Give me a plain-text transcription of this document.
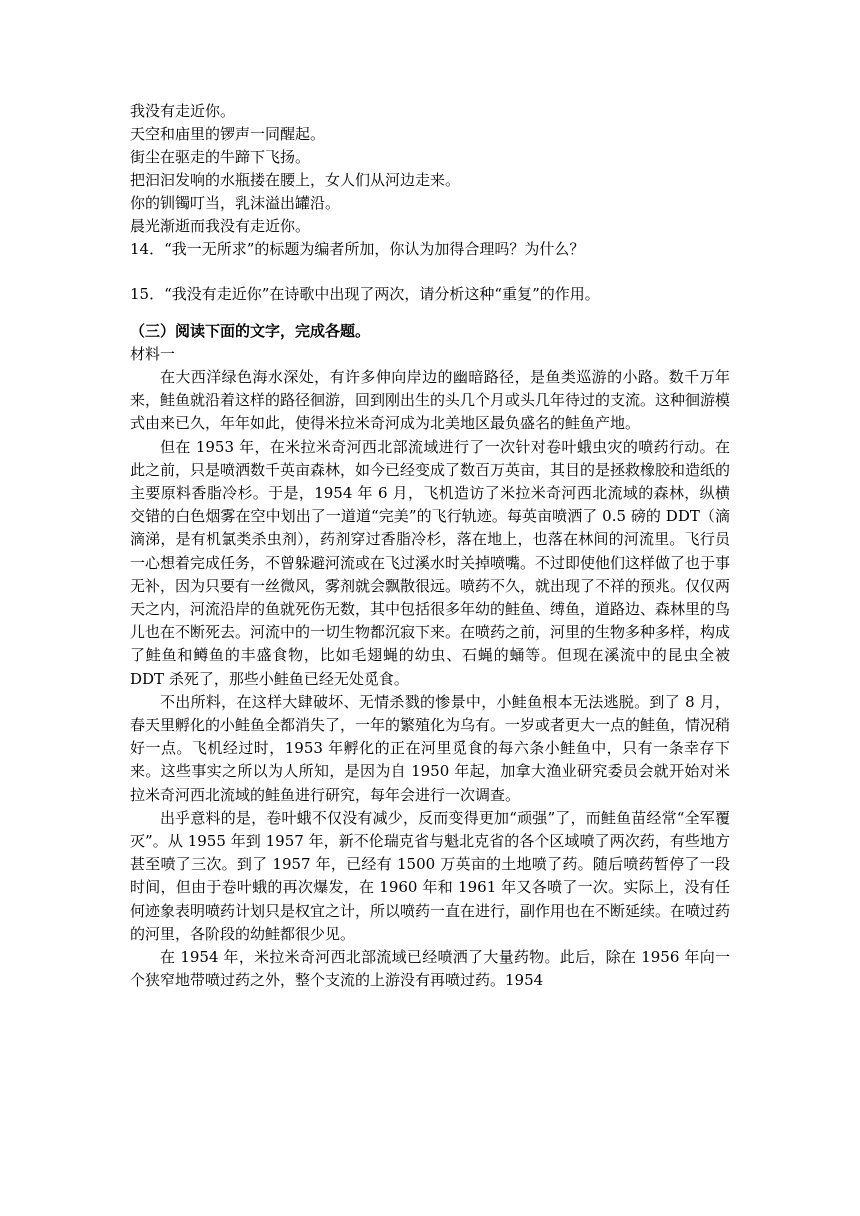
我没有走近你。
天空和庙里的锣声一同醒起。
街尘在驱走的牛蹄下飞扬。
把汩汩发响的水瓶搂在腰上，女人们从河边走来。
你的钏镯叮当，乳沫溢出罐沿。
晨光渐逝而我没有走近你。
14．“我一无所求”的标题为编者所加，你认为加得合理吗？为什么？
15．“我没有走近你”在诗歌中出现了两次，请分析这种“重复”的作用。
（三）阅读下面的文字，完成各题。
材料一
在大西洋绿色海水深处，有许多伸向岸边的幽暗路径，是鱼类巡游的小路。数千万年来，鲑鱼就沿着这样的路径徊游，回到刚出生的头几个月或头几年待过的支流。这种徊游模式由来已久，年年如此，使得米拉米奇河成为北美地区最负盛名的鲑鱼产地。
但在 1953 年，在米拉米奇河西北部流域进行了一次针对卷叶蛾虫灾的喷药行动。在此之前，只是喷洒数千英亩森林，如今已经变成了数百万英亩，其目的是拯救橡胶和造纸的主要原料香脂冷杉。于是，1954 年 6 月，飞机造访了米拉米奇河西北流域的森林，纵横交错的白色烟雾在空中划出了一道道“完美”的飞行轨迹。每英亩喷洒了 0.5 磅的 DDT（滴滴涕，是有机氯类杀虫剂），药剂穿过香脂冷杉，落在地上，也落在林间的河流里。飞行员一心想着完成任务，不曾躲避河流或在飞过溪水时关掉喷嘴。不过即使他们这样做了也于事无补，因为只要有一丝微风，雾剂就会飘散很远。喷药不久，就出现了不祥的预兆。仅仅两天之内，河流沿岸的鱼就死伤无数，其中包括很多年幼的鲑鱼、缚鱼，道路边、森林里的鸟儿也在不断死去。河流中的一切生物都沉寂下来。在喷药之前，河里的生物多种多样，构成了鲑鱼和鳟鱼的丰盛食物，比如毛翅蝇的幼虫、石蝇的蛹等。但现在溪流中的昆虫全被 DDT 杀死了，那些小鲑鱼已经无处觅食。
不出所料，在这样大肆破坏、无情杀戮的惨景中，小鲑鱼根本无法逃脱。到了 8 月，春天里孵化的小鲑鱼全都消失了，一年的繁殖化为乌有。一岁或者更大一点的鲑鱼，情况稍好一点。飞机经过时，1953 年孵化的正在河里觅食的每六条小鲑鱼中，只有一条幸存下来。这些事实之所以为人所知，是因为自 1950 年起，加拿大渔业研究委员会就开始对米拉米奇河西北流域的鲑鱼进行研究，每年会进行一次调查。
出乎意料的是，卷叶蛾不仅没有减少，反而变得更加“顽强”了，而鲑鱼苗经常“全军覆灭”。从 1955 年到 1957 年，新不伦瑞克省与魁北克省的各个区域喷了两次药，有些地方甚至喷了三次。到了 1957 年，已经有 1500 万英亩的土地喷了药。随后喷药暂停了一段时间，但由于卷叶蛾的再次爆发，在 1960 年和 1961 年又各喷了一次。实际上，没有任何迹象表明喷药计划只是权宜之计，所以喷药一直在进行，副作用也在不断延续。在喷过药的河里，各阶段的幼鲑都很少见。
在 1954 年，米拉米奇河西北部流域已经喷洒了大量药物。此后，除在 1956 年向一个狭窄地带喷过药之外，整个支流的上游没有再喷过药。1954
